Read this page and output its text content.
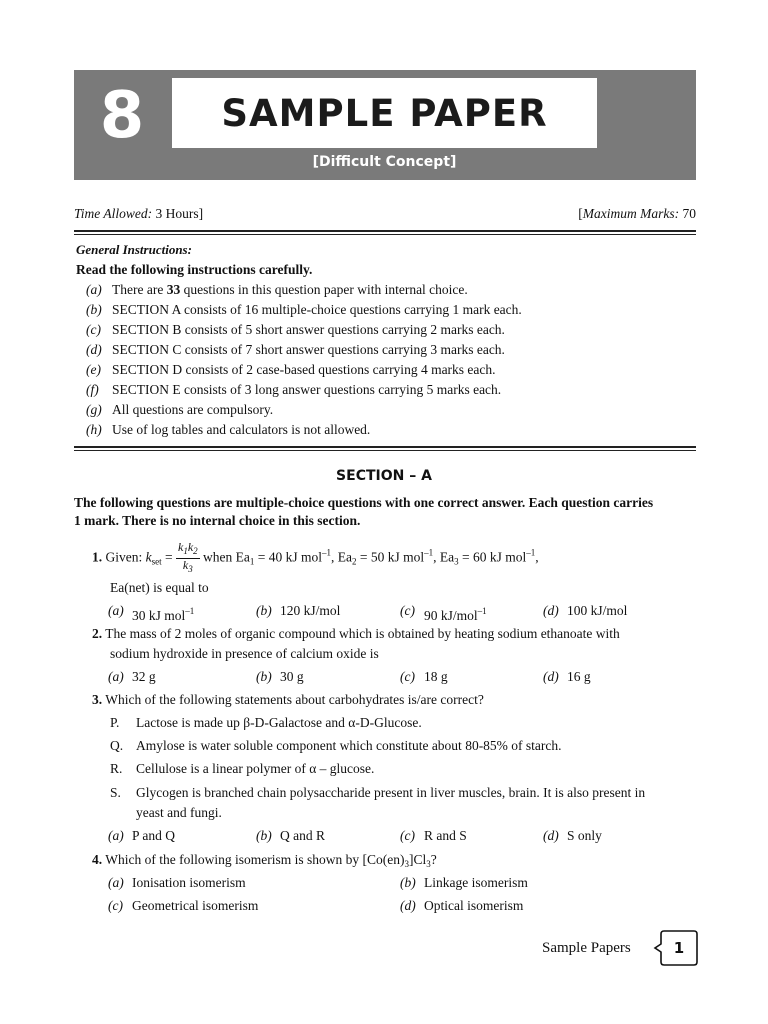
8	SAMPLE PAPER
[Difficult Concept]
Time Allowed: 3 Hours]	[Maximum Marks: 70
General Instructions:
Read the following instructions carefully.
(a) There are 33 questions in this question paper with internal choice.
(b) SECTION A consists of 16 multiple-choice questions carrying 1 mark each.
(c) SECTION B consists of 5 short answer questions carrying 2 marks each.
(d) SECTION C consists of 7 short answer questions carrying 3 marks each.
(e) SECTION D consists of 2 case-based questions carrying 4 marks each.
(f) SECTION E consists of 3 long answer questions carrying 5 marks each.
(g) All questions are compulsory.
(h) Use of log tables and calculators is not allowed.
SECTION – A
The following questions are multiple-choice questions with one correct answer. Each question carries
1 mark. There is no internal choice in this section.
1. Given: $k_{set} = \frac{k_1k_2}{k_3}$ when $Ea_1 = 40$ kJ mol$^{-1}$, $Ea_2 = 50$ kJ mol$^{-1}$, $Ea_3 = 60$ kJ mol$^{-1}$,
Ea(net) is equal to
(a) 30 kJ mol$^{-1}$	(b) 120 kJ/mol	(c) 90 kJ/mol$^{-1}$	(d) 100 kJ/mol
2. The mass of 2 moles of organic compound which is obtained by heating sodium ethanoate with
sodium hydroxide in presence of calcium oxide is
(a) 32 g	(b) 30 g	(c) 18 g	(d) 16 g
3. Which of the following statements about carbohydrates is/are correct?
P. Lactose is made up β-D-Galactose and α-D-Glucose.
Q. Amylose is water soluble component which constitute about 80-85% of starch.
R. Cellulose is a linear polymer of α – glucose.
S. Glycogen is branched chain polysaccharide present in liver muscles, brain. It is also present in
yeast and fungi.
(a) P and Q	(b) Q and R	(c) R and S	(d) S only
4. Which of the following isomerism is shown by $[Co(en)_3]Cl_3$?
(a) Ionisation isomerism	(b) Linkage isomerism
(c) Geometrical isomerism	(d) Optical isomerism
Sample Papers	1
